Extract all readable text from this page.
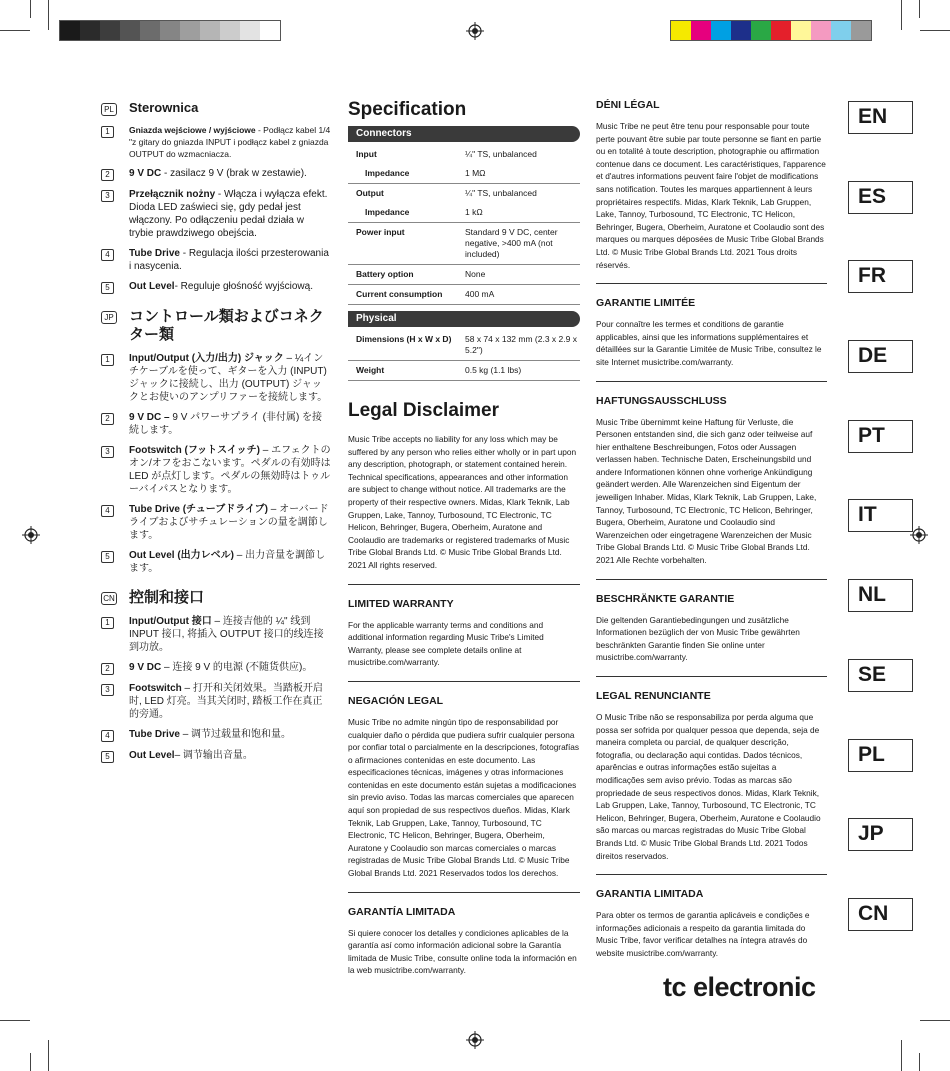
PL Sterownica
1	Gniazda wejściowe / wyjściowe - Podłącz kabel 1/4 "z gitary do gniazda INPUT i podłącz kabel z gniazda OUTPUT do wzmacniacza.
2	9 V DC - zasilacz 9 V (brak w zestawie).
3	Przełącznik nożny - Włącza i wyłącza efekt. Dioda LED zaświeci się, gdy pedał jest włączony. Po odłączeniu pedał działa w trybie prawdziwego obejścia.
4	Tube Drive - Regulacja ilości przesterowania i nasycenia.
5	Out Level- Reguluje głośność wyjściową.
JP コントロール類およびコネクター類
1	Input/Output (入力/出力) ジャック – ¼インチケーブルを使って、ギターを入力 (INPUT) ジャックに接続し、出力 (OUTPUT) ジャックとお使いのアンプリファーを接続します。
2	9 V DC – 9 V パワーサプライ (非付属) を接続します。
3	Footswitch (フットスイッチ) – エフェクトのオン/オフをおこないます。ペダルの有効時は LED が点灯します。ペダルの無効時はトゥルーバイパスとなります。
4	Tube Drive (チューブドライブ) – オーバードライブおよびサチュレーションの量を調節します。
5	Out Level (出力レベル) – 出力音量を調節します。
CN 控制和接口
1	Input/Output 接口 – 连接吉他的 ¼" 线到 INPUT 接口, 将插入 OUTPUT 接口的线连接到功放。
2	9 V DC – 连接 9 V 的电源 (不随货供应)。
3	Footswitch – 打开和关闭效果。当踏板开启时, LED 灯亮。当其关闭时, 踏板工作在真正的旁通。
4	Tube Drive – 调节过载量和饱和量。
5	Out Level– 调节输出音量。
Specification
Connectors
Input	¼" TS, unbalanced
Impedance	1 MΩ
Output	¼" TS, unbalanced
Impedance	1 kΩ
Power input	Standard 9 V DC, center negative, >400 mA (not included)
Battery option	None
Current consumption	400 mA
Physical
Dimensions (H x W x D)	58 x 74 x 132 mm (2.3 x 2.9 x 5.2")
Weight	0.5 kg (1.1 lbs)
Legal Disclaimer
Music Tribe accepts no liability for any loss which may be suffered by any person who relies either wholly or in part upon any description, photograph, or statement contained herein. Technical specifications, appearances and other information are subject to change without notice. All trademarks are the property of their respective owners. Midas, Klark Teknik, Lab Gruppen, Lake, Tannoy, Turbosound, TC Electronic, TC Helicon, Behringer, Bugera, Oberheim, Auratone and Coolaudio are trademarks or registered trademarks of Music Tribe Global Brands Ltd. © Music Tribe Global Brands Ltd. 2021 All rights reserved.
LIMITED WARRANTY
For the applicable warranty terms and conditions and additional information regarding Music Tribe's Limited Warranty, please see complete details online at musictribe.com/warranty.
NEGACIÓN LEGAL
Music Tribe no admite ningún tipo de responsabilidad por cualquier daño o pérdida que pudiera sufrir cualquier persona por confiar total o parcialmente en la descripciones, fotografías o afirmaciones contenidas en este documento. Las especificaciones técnicas, imágenes y otras informaciones contenidas en este documento están sujetas a modificaciones sin previo aviso. Todas las marcas comerciales que aparecen aquí son propiedad de sus respectivos dueños. Midas, Klark Teknik, Lab Gruppen, Lake, Tannoy, Turbosound, TC Electronic, TC Helicon, Behringer, Bugera, Oberheim, Auratone y Coolaudio son marcas comerciales o marcas registradas de Music Tribe Global Brands Ltd. © Music Tribe Global Brands Ltd. 2021 Reservados todos los derechos.
GARANTÍA LIMITADA
Si quiere conocer los detalles y condiciones aplicables de la garantía así como información adicional sobre la Garantía limitada de Music Tribe, consulte online toda la información en la web musictribe.com/warranty.
DÉNI LÉGAL
Music Tribe ne peut être tenu pour responsable pour toute perte pouvant être subie par toute personne se fiant en partie ou en totalité à toute description, photographie ou affirmation contenue dans ce document. Les caractéristiques, l'apparence et d'autres informations peuvent faire l'objet de modifications sans notification. Toutes les marques appartiennent à leurs propriétaires respectifs. Midas, Klark Teknik, Lab Gruppen, Lake, Tannoy, Turbosound, TC Electronic, TC Helicon, Behringer, Bugera, Oberheim, Auratone et Coolaudio sont des marques ou marques déposées de Music Tribe Global Brands Ltd. © Music Tribe Global Brands Ltd. 2021 Tous droits réservés.
GARANTIE LIMITÉE
Pour connaître les termes et conditions de garantie applicables, ainsi que les informations supplémentaires et détaillées sur la Garantie Limitée de Music Tribe, consultez le site Internet musictribe.com/warranty.
HAFTUNGSAUSSCHLUSS
Music Tribe übernimmt keine Haftung für Verluste, die Personen entstanden sind, die sich ganz oder teilweise auf hier enthaltene Beschreibungen, Fotos oder Aussagen verlassen haben. Technische Daten, Erscheinungsbild und andere Informationen können ohne vorherige Ankündigung geändert werden. Alle Warenzeichen sind Eigentum der jeweiligen Inhaber. Midas, Klark Teknik, Lab Gruppen, Lake, Tannoy, Turbosound, TC Electronic, TC Helicon, Behringer, Bugera, Oberheim, Auratone und Coolaudio sind Warenzeichen oder eingetragene Warenzeichen der Music Tribe Global Brands Ltd. © Music Tribe Global Brands Ltd. 2021 Alle Rechte vorbehalten.
BESCHRÄNKTE GARANTIE
Die geltenden Garantiebedingungen und zusätzliche Informationen bezüglich der von Music Tribe gewährten beschränkten Garantie finden Sie online unter musictribe.com/warranty.
LEGAL RENUNCIANTE
O Music Tribe não se responsabiliza por perda alguma que possa ser sofrida por qualquer pessoa que dependa, seja de maneira completa ou parcial, de qualquer descrição, fotografia, ou declaração aqui contidas. Dados técnicos, aparências e outras informações estão sujeitas a modificações sem aviso prévio. Todas as marcas são propriedade de seus respectivos donos. Midas, Klark Teknik, Lab Gruppen, Lake, Tannoy, Turbosound, TC Electronic, TC Helicon, Behringer, Bugera, Oberheim, Auratone e Coolaudio são marcas ou marcas registradas do Music Tribe Global Brands Ltd. © Music Tribe Global Brands Ltd. 2021 Todos direitos reservados.
GARANTIA LIMITADA
Para obter os termos de garantia aplicáveis e condições e informações adicionais a respeito da garantia limitada do Music Tribe, favor verificar detalhes na íntegra através do website musictribe.com/warranty.
EN
ES
FR
DE
PT
IT
NL
SE
PL
JP
CN
tc electronic
